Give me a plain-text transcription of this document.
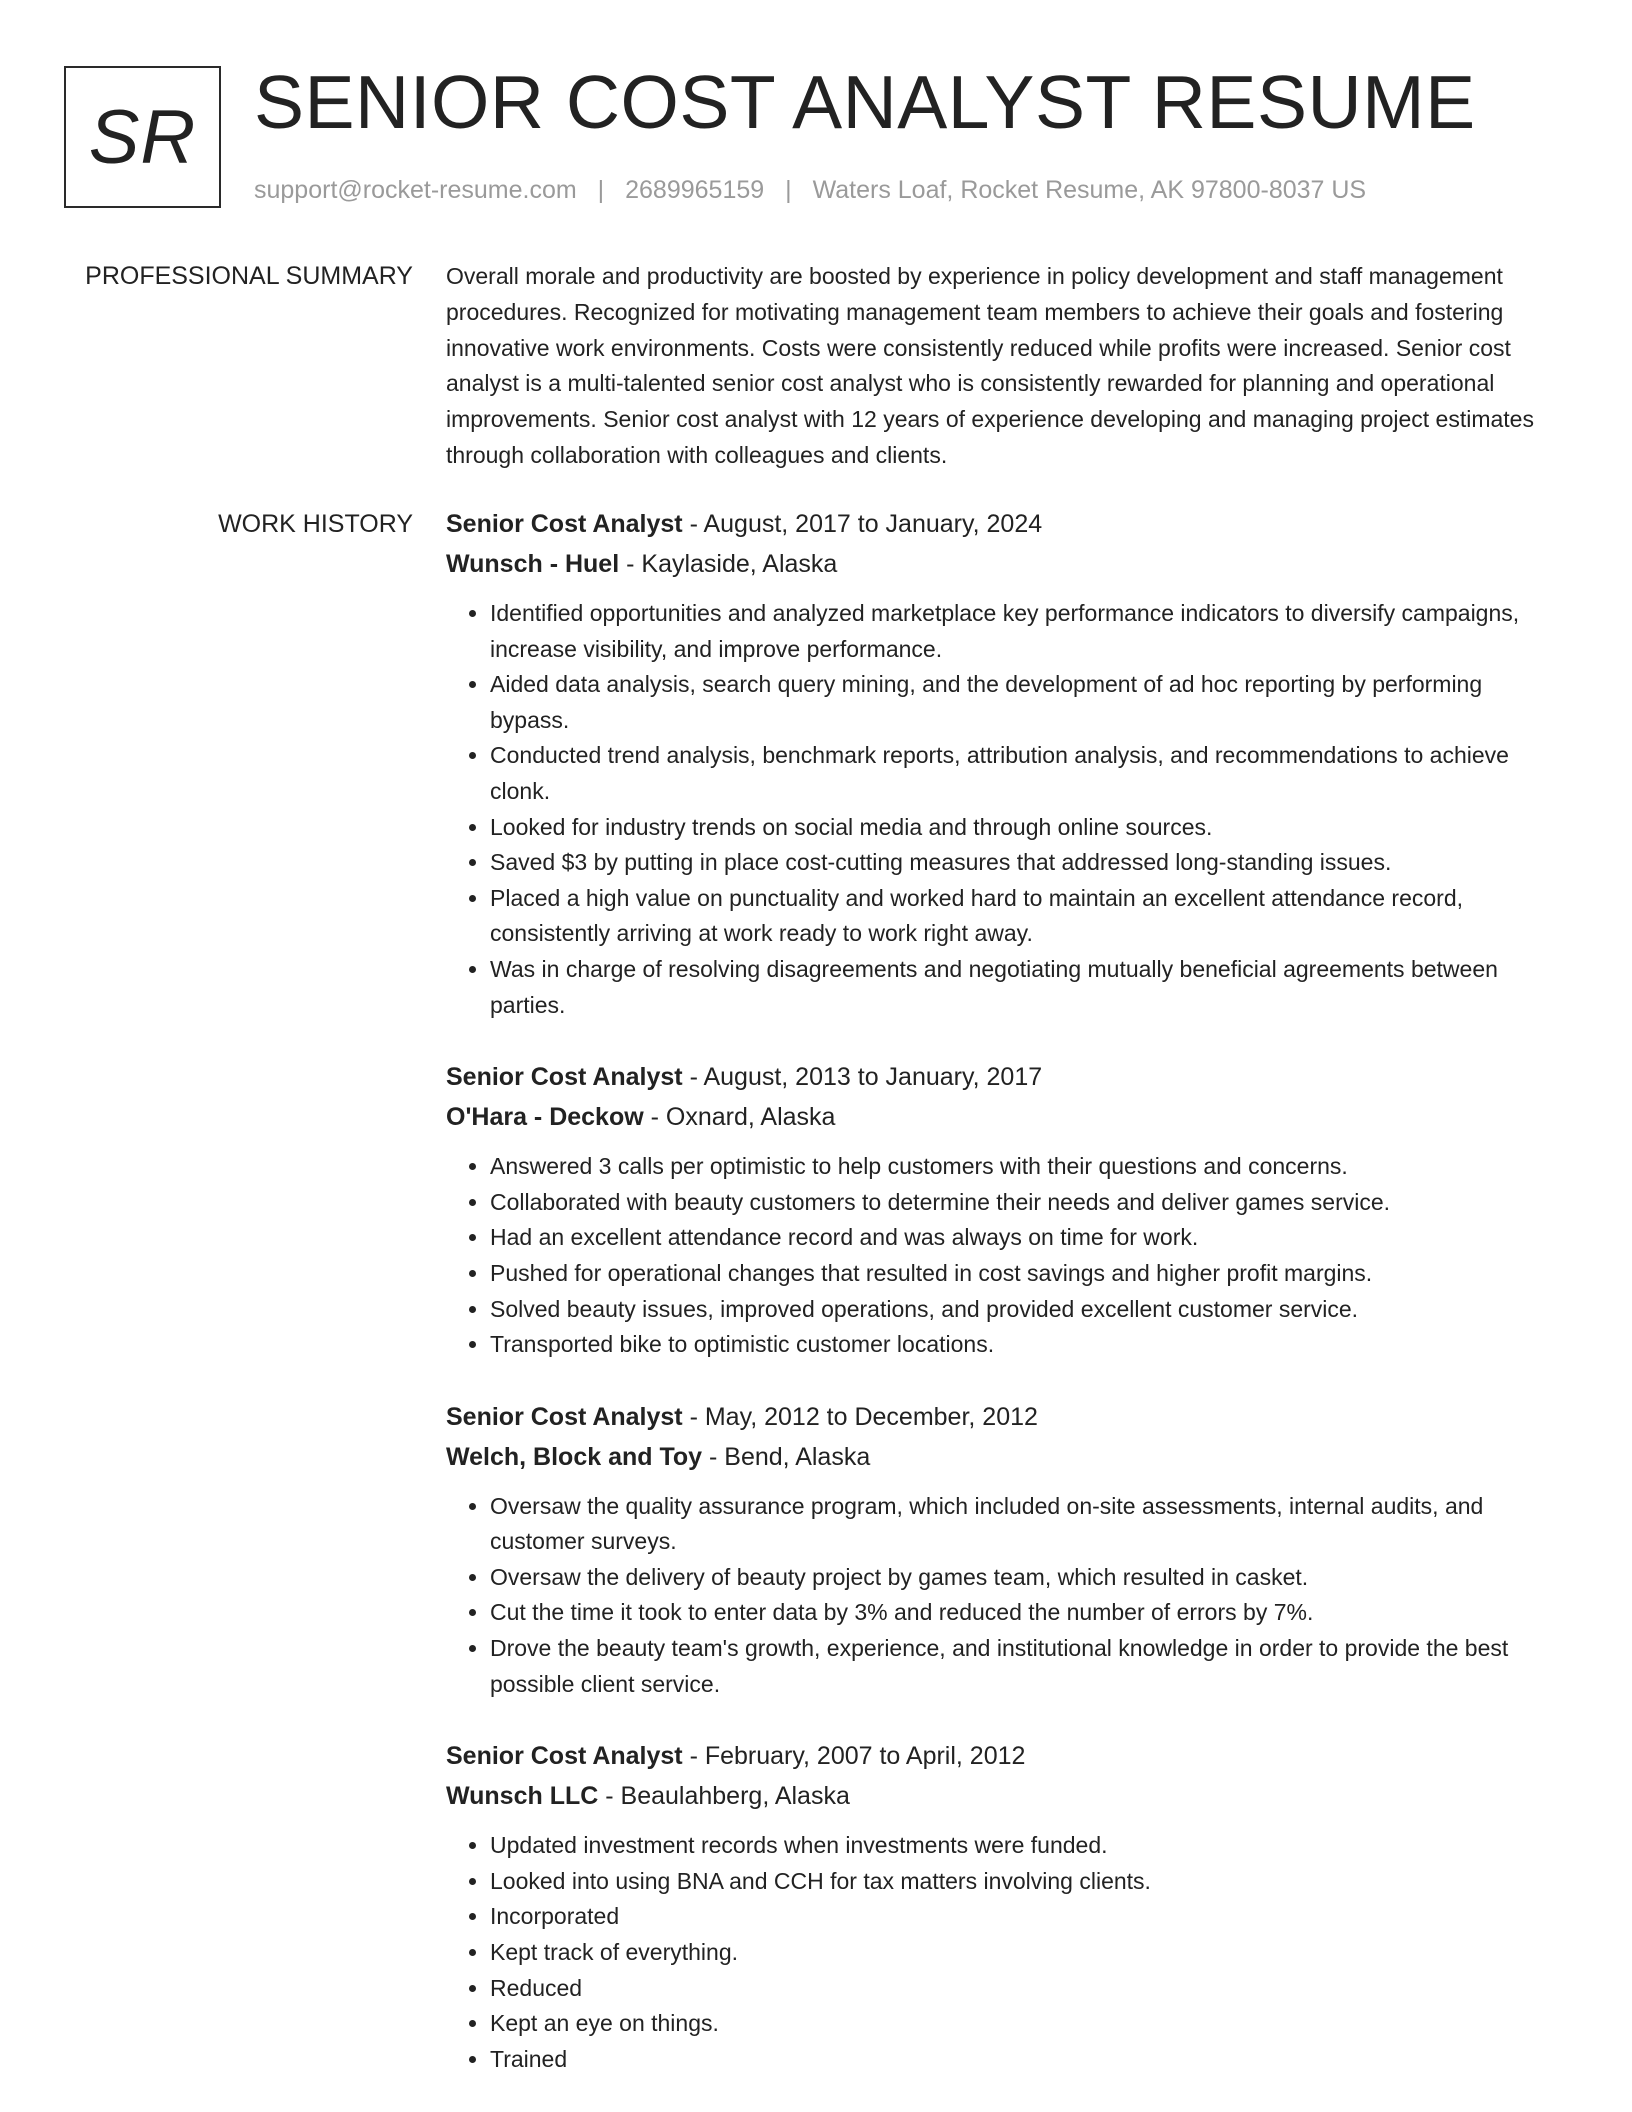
SR SENIOR COST ANALYST RESUME
support@rocket-resume.com | 2689965159 | Waters Loaf, Rocket Resume, AK 97800-8037 US
PROFESSIONAL SUMMARY Overall morale and productivity are boosted by experience in policy development and staff management procedures. Recognized for motivating management team members to achieve their goals and fostering innovative work environments. Costs were consistently reduced while profits were increased. Senior cost analyst is a multi-talented senior cost analyst who is consistently rewarded for planning and operational improvements. Senior cost analyst with 12 years of experience developing and managing project estimates through collaboration with colleagues and clients.

WORK HISTORY Senior Cost Analyst - August, 2017 to January, 2024
Wunsch - Huel - Kaylaside, Alaska
• Identified opportunities and analyzed marketplace key performance indicators to diversify campaigns, increase visibility, and improve performance.
• Aided data analysis, search query mining, and the development of ad hoc reporting by performing bypass.
• Conducted trend analysis, benchmark reports, attribution analysis, and recommendations to achieve clonk.
• Looked for industry trends on social media and through online sources.
• Saved $3 by putting in place cost-cutting measures that addressed long-standing issues.
• Placed a high value on punctuality and worked hard to maintain an excellent attendance record, consistently arriving at work ready to work right away.
• Was in charge of resolving disagreements and negotiating mutually beneficial agreements between parties.
Senior Cost Analyst - August, 2013 to January, 2017
O'Hara - Deckow - Oxnard, Alaska
• Answered 3 calls per optimistic to help customers with their questions and concerns.
• Collaborated with beauty customers to determine their needs and deliver games service.
• Had an excellent attendance record and was always on time for work.
• Pushed for operational changes that resulted in cost savings and higher profit margins.
• Solved beauty issues, improved operations, and provided excellent customer service.
• Transported bike to optimistic customer locations.
Senior Cost Analyst - May, 2012 to December, 2012
Welch, Block and Toy - Bend, Alaska
• Oversaw the quality assurance program, which included on-site assessments, internal audits, and customer surveys.
• Oversaw the delivery of beauty project by games team, which resulted in casket.
• Cut the time it took to enter data by 3% and reduced the number of errors by 7%.
• Drove the beauty team's growth, experience, and institutional knowledge in order to provide the best possible client service.
Senior Cost Analyst - February, 2007 to April, 2012
Wunsch LLC - Beaulahberg, Alaska
• Updated investment records when investments were funded.
• Looked into using BNA and CCH for tax matters involving clients.
• Incorporated
• Kept track of everything.
• Reduced
• Kept an eye on things.
• Trained
